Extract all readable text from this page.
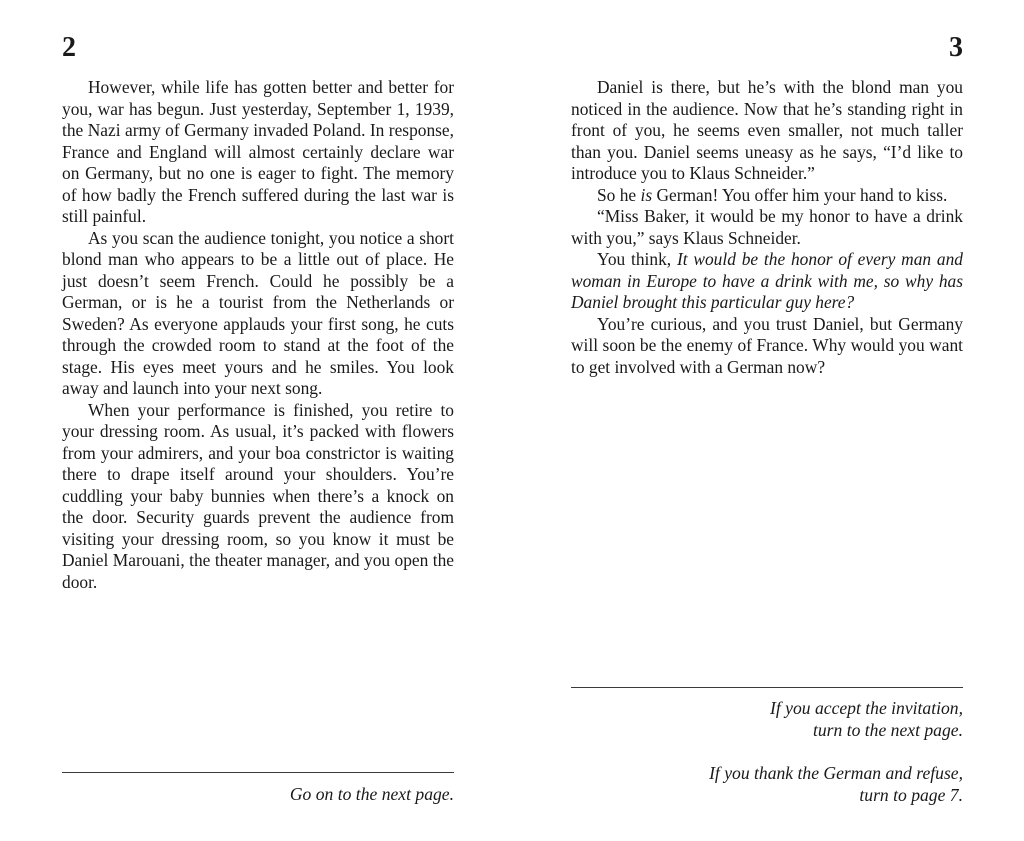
2

However, while life has gotten better and better for you, war has begun. Just yesterday, September 1, 1939, the Nazi army of Germany invaded Poland. In response, France and England will almost certainly declare war on Germany, but no one is eager to fight. The memory of how badly the French suffered during the last war is still painful.

As you scan the audience tonight, you notice a short blond man who appears to be a little out of place. He just doesn’t seem French. Could he possibly be a German, or is he a tourist from the Netherlands or Sweden? As everyone applauds your first song, he cuts through the crowded room to stand at the foot of the stage. His eyes meet yours and he smiles. You look away and launch into your next song.

When your performance is finished, you retire to your dressing room. As usual, it’s packed with flowers from your admirers, and your boa constrictor is waiting there to drape itself around your shoulders. You’re cuddling your baby bunnies when there’s a knock on the door. Security guards prevent the audience from visiting your dressing room, so you know it must be Daniel Marouani, the theater manager, and you open the door.

Go on to the next page.

3

Daniel is there, but he’s with the blond man you noticed in the audience. Now that he’s standing right in front of you, he seems even smaller, not much taller than you. Daniel seems uneasy as he says, “I’d like to introduce you to Klaus Schneider.”

So he is German! You offer him your hand to kiss.

“Miss Baker, it would be my honor to have a drink with you,” says Klaus Schneider.

You think, It would be the honor of every man and woman in Europe to have a drink with me, so why has Daniel brought this particular guy here?

You’re curious, and you trust Daniel, but Germany will soon be the enemy of France. Why would you want to get involved with a German now?

If you accept the invitation,
turn to the next page.

If you thank the German and refuse,
turn to page 7.
